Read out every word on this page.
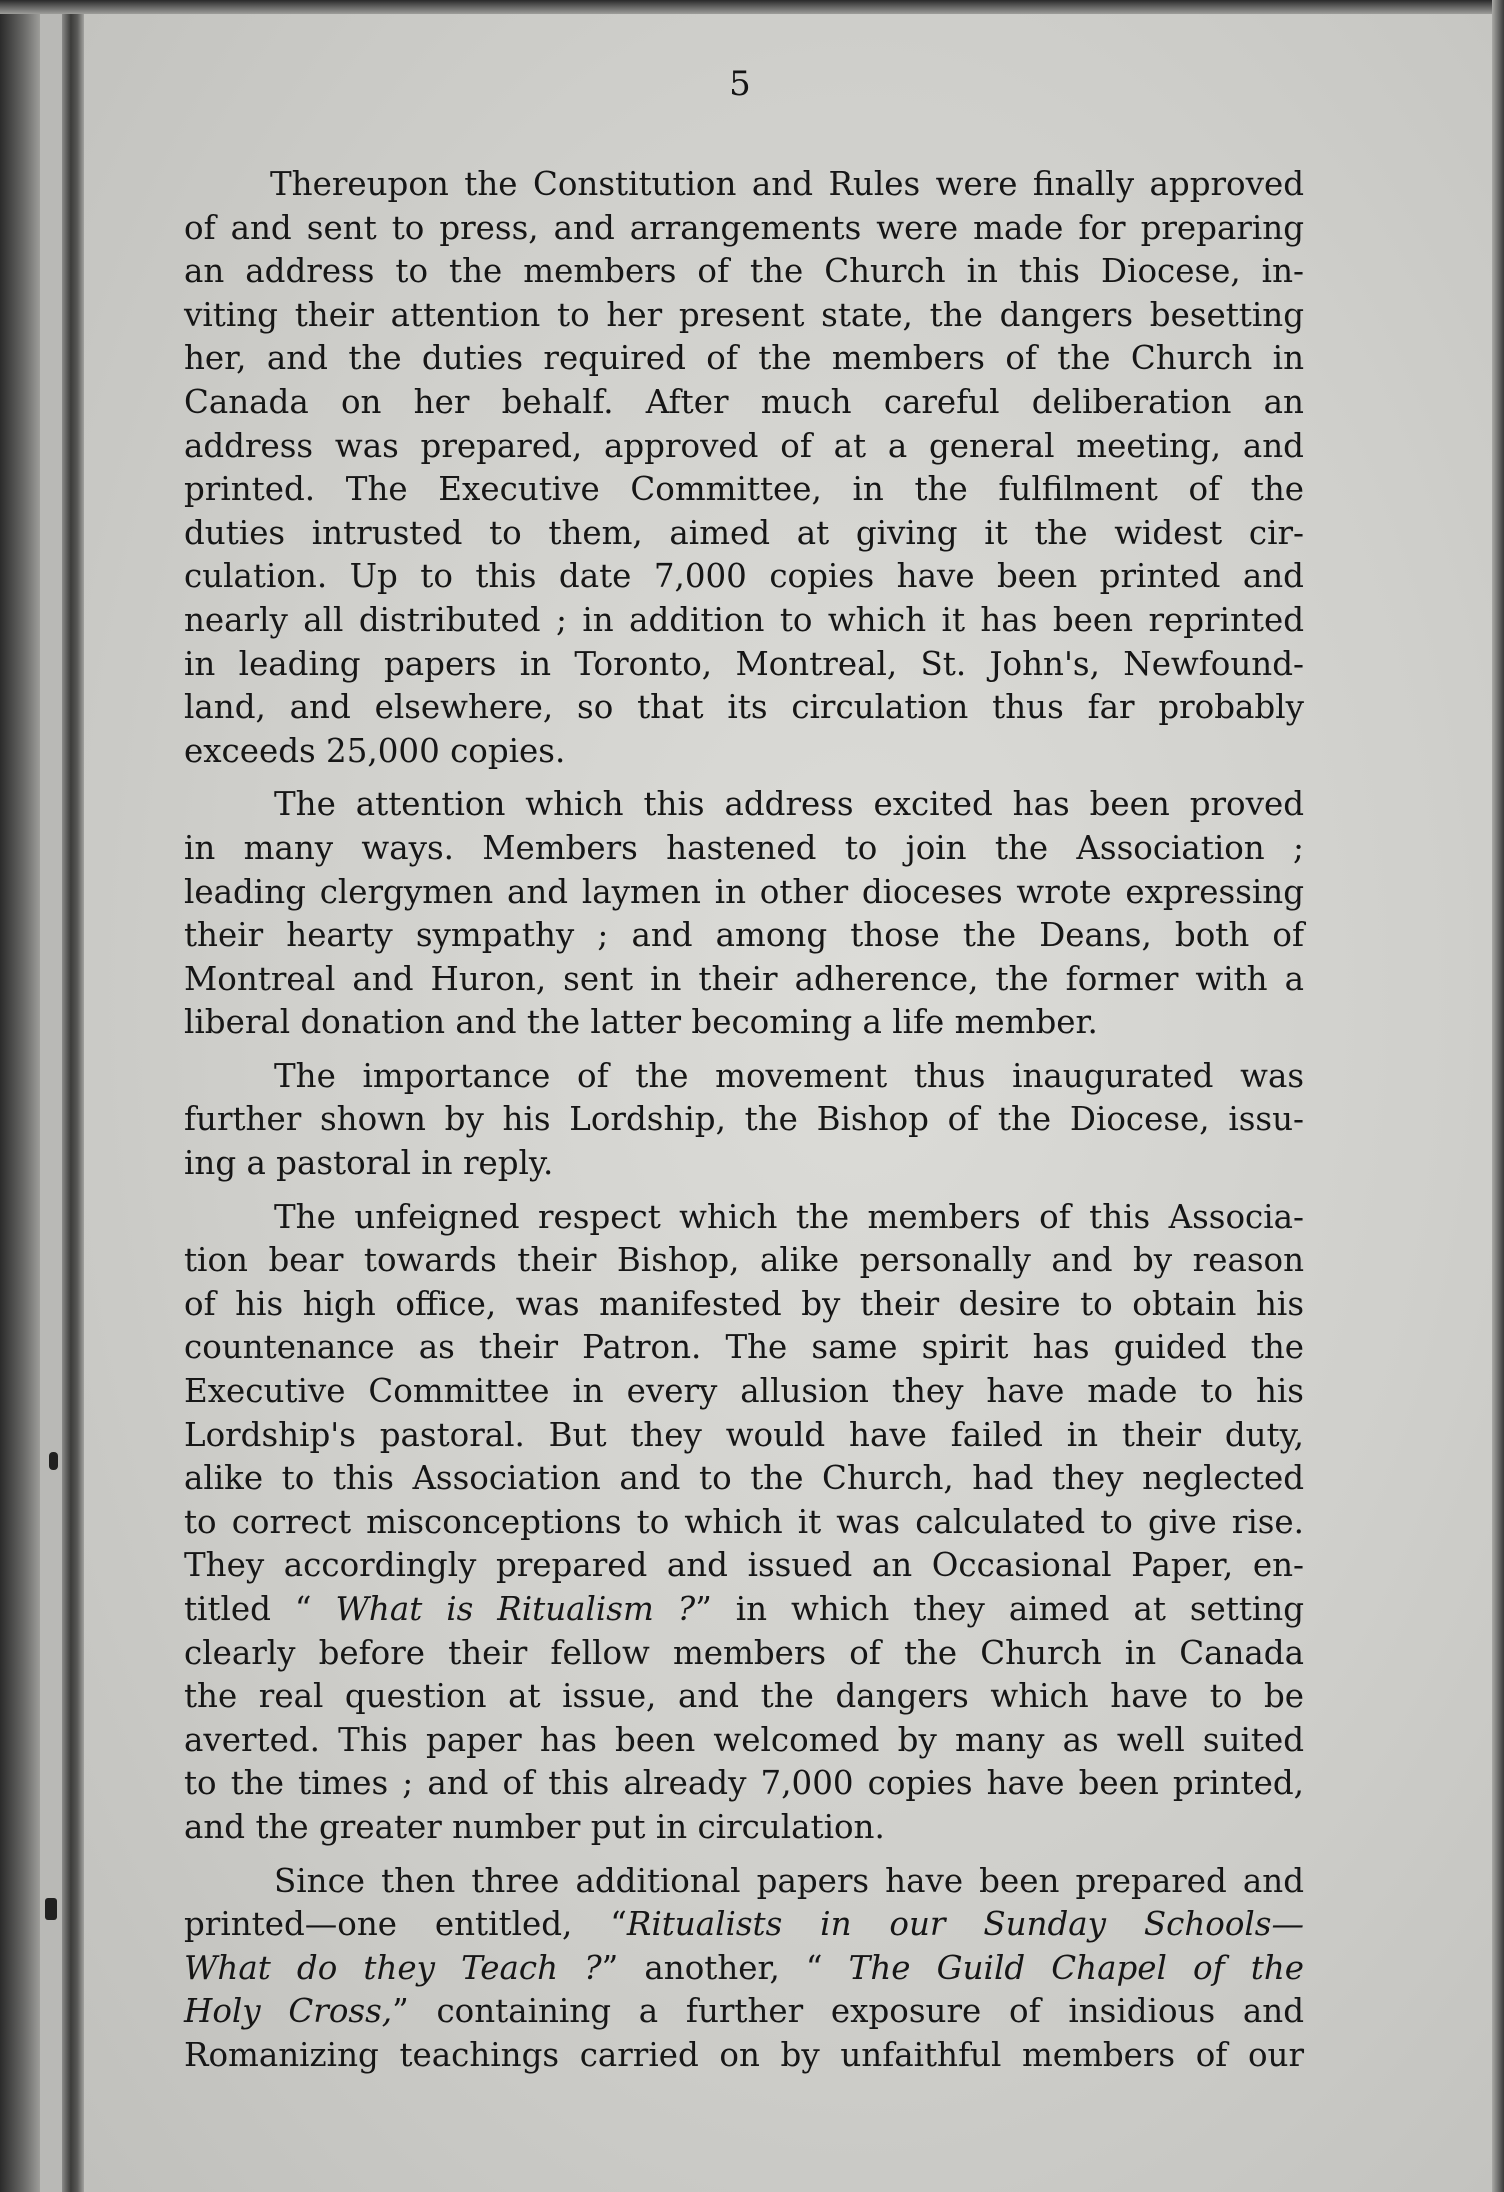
5
Thereupon the Constitution and Rules were finally approved
of and sent to press, and arrangements were made for preparing
an address to the members of the Church in this Diocese, in-
viting their attention to her present state, the dangers besetting
her, and the duties required of the members of the Church in
Canada on her behalf. After much careful deliberation an
address was prepared, approved of at a general meeting, and
printed. The Executive Committee, in the fulfilment of the
duties intrusted to them, aimed at giving it the widest cir-
culation. Up to this date 7,000 copies have been printed and
nearly all distributed ; in addition to which it has been reprinted
in leading papers in Toronto, Montreal, St. John's, Newfound-
land, and elsewhere, so that its circulation thus far probably
exceeds 25,000 copies.
The attention which this address excited has been proved
in many ways. Members hastened to join the Association ;
leading clergymen and laymen in other dioceses wrote expressing
their hearty sympathy ; and among those the Deans, both of
Montreal and Huron, sent in their adherence, the former with a
liberal donation and the latter becoming a life member.
The importance of the movement thus inaugurated was
further shown by his Lordship, the Bishop of the Diocese, issu-
ing a pastoral in reply.
The unfeigned respect which the members of this Associa-
tion bear towards their Bishop, alike personally and by reason
of his high office, was manifested by their desire to obtain his
countenance as their Patron. The same spirit has guided the
Executive Committee in every allusion they have made to his
Lordship's pastoral. But they would have failed in their duty,
alike to this Association and to the Church, had they neglected
to correct misconceptions to which it was calculated to give rise.
They accordingly prepared and issued an Occasional Paper, en-
titled “ What is Ritualism ?” in which they aimed at setting
clearly before their fellow members of the Church in Canada
the real question at issue, and the dangers which have to be
averted. This paper has been welcomed by many as well suited
to the times ; and of this already 7,000 copies have been printed,
and the greater number put in circulation.
Since then three additional papers have been prepared and
printed—one entitled, “Ritualists in our Sunday Schools—
What do they Teach ?” another, “ The Guild Chapel of the
Holy Cross,” containing a further exposure of insidious and
Romanizing teachings carried on by unfaithful members of our
